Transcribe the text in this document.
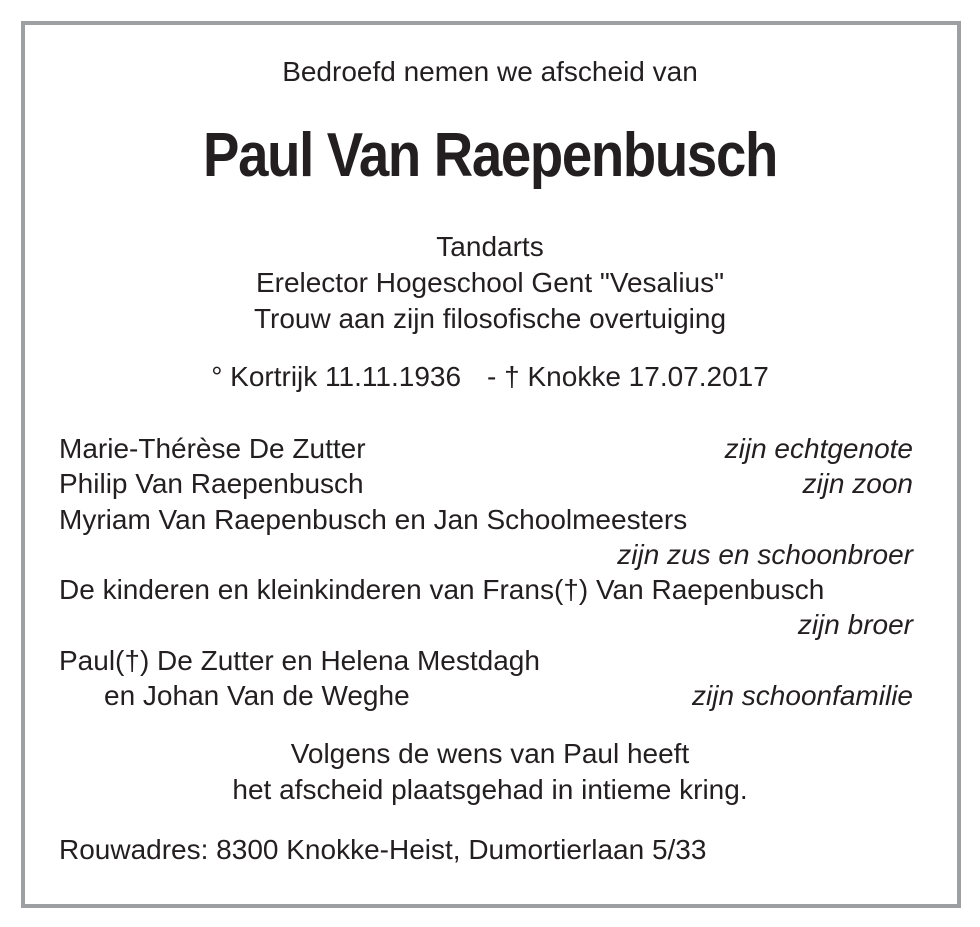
Bedroefd nemen we afscheid van
Paul Van Raepenbusch
Tandarts
Erelector Hogeschool Gent "Vesalius"
Trouw aan zijn filosofische overtuiging
° Kortrijk 11.11.1936 - † Knokke 17.07.2017
Marie-Thérèse De Zutter	zijn echtgenote
Philip Van Raepenbusch	zijn zoon
Myriam Van Raepenbusch en Jan Schoolmeesters
zijn zus en schoonbroer
De kinderen en kleinkinderen van Frans(†) Van Raepenbusch
zijn broer
Paul(†) De Zutter en Helena Mestdagh
en Johan Van de Weghe	zijn schoonfamilie
Volgens de wens van Paul heeft
het afscheid plaatsgehad in intieme kring.
Rouwadres: 8300 Knokke-Heist, Dumortierlaan 5/33
